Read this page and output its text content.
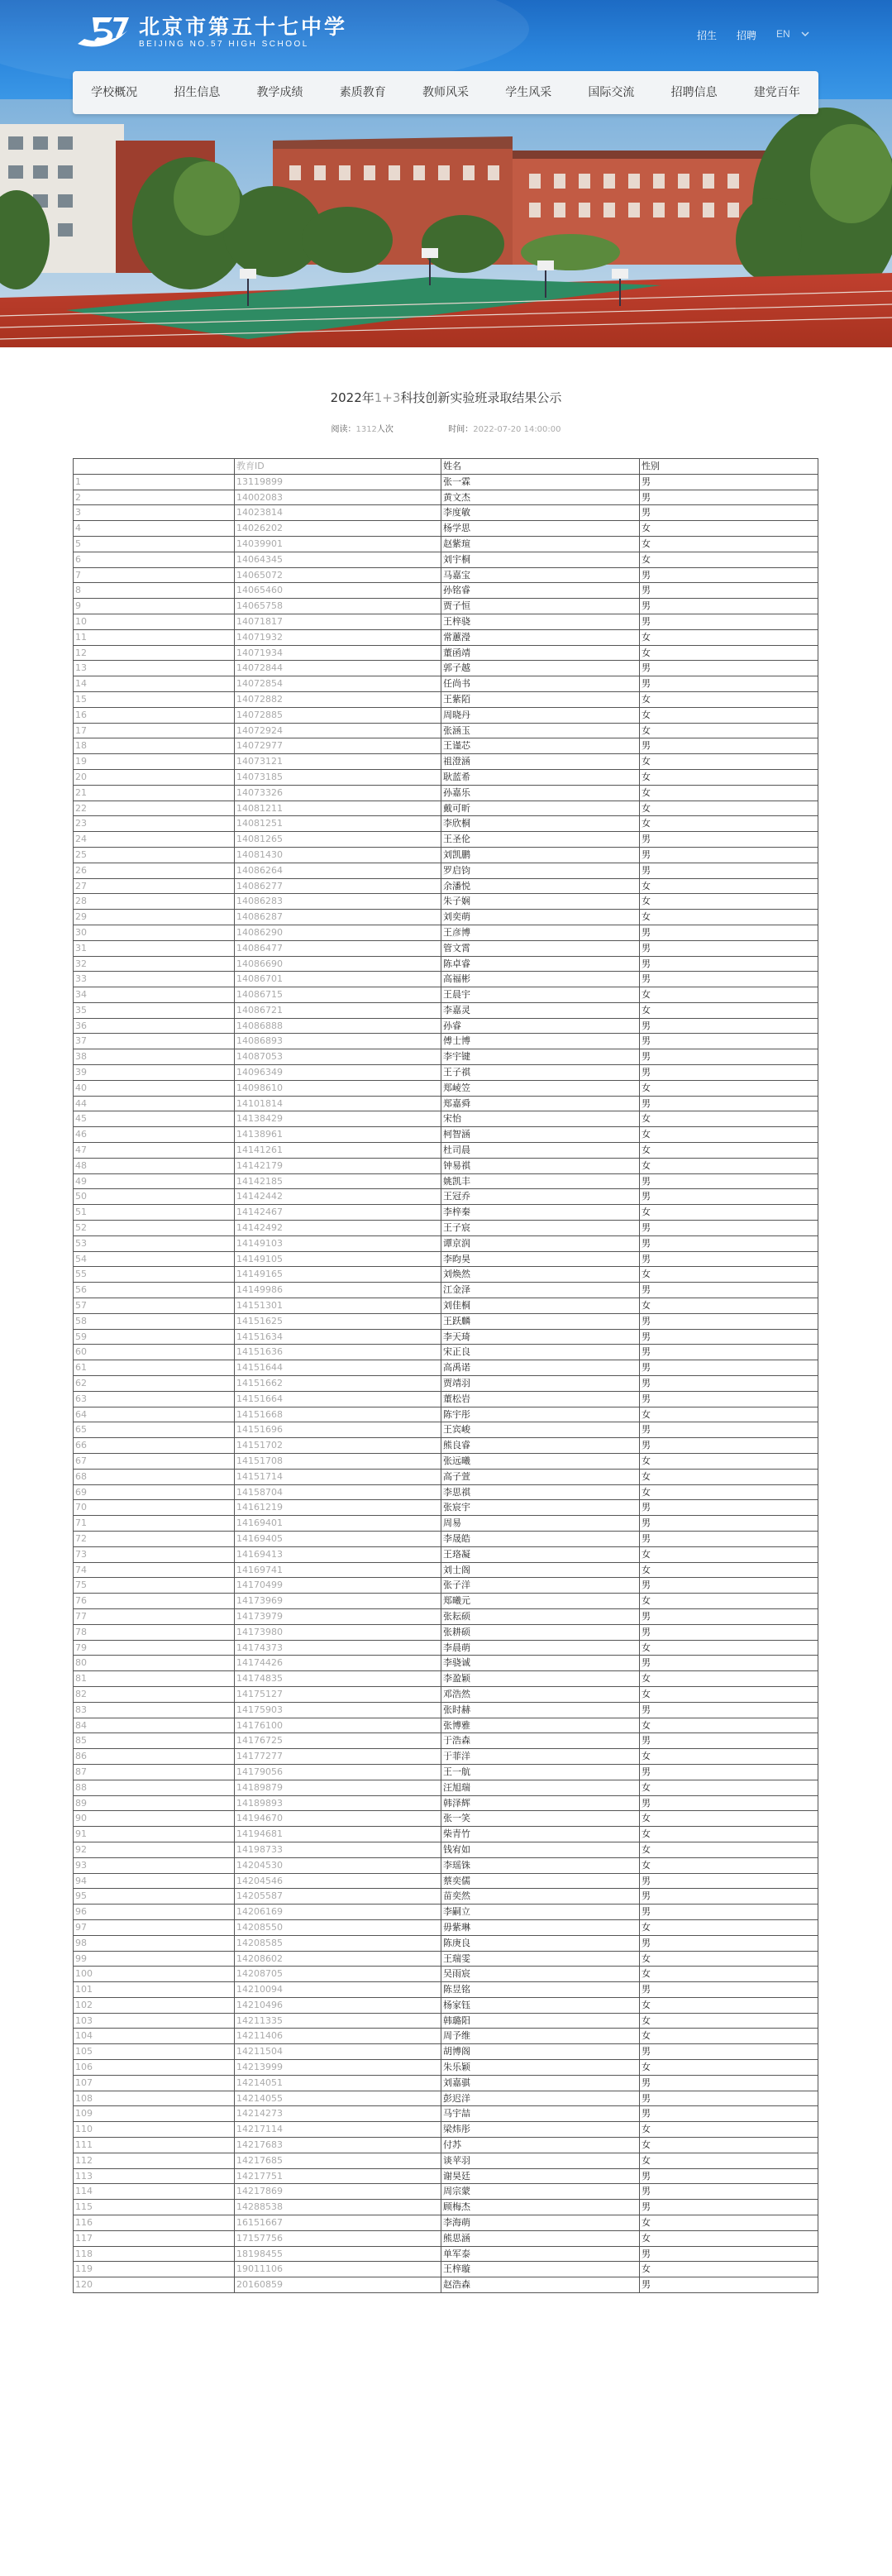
北京市第五十七中学
BEIJING NO.57 HIGH SCHOOL
招生 招聘 EN
学校概况	招生信息	教学成绩	素质教育	教师风采	学生风采	国际交流	招聘信息	建党百年
2022年1+3科技创新实验班录取结果公示
阅读：1312人次	时间：2022-07-20 14:00:00
	教育ID	姓名	性别
1	13119899	张一霖	男
2	14002083	黄文杰	男
3	14023814	李度敏	男
4	14026202	杨学思	女
5	14039901	赵紫瑄	女
6	14064345	刘宇桐	女
7	14065072	马嘉宝	男
8	14065460	孙铭睿	男
9	14065758	贾子恒	男
10	14071817	王梓骁	男
11	14071932	常蕙瀅	女
12	14071934	董函靖	女
13	14072844	郭子越	男
14	14072854	任尚书	男
15	14072882	王紫陌	女
16	14072885	周晓丹	女
17	14072924	张涵玉	女
18	14072977	王谨芯	男
19	14073121	祖澄涵	女
20	14073185	耿蓝希	女
21	14073326	孙嘉乐	女
22	14081211	戴可昕	女
23	14081251	李欣桐	女
24	14081265	王圣伦	男
25	14081430	刘凯鹏	男
26	14086264	罗启钧	男
27	14086277	余潘悦	女
28	14086283	朱子娴	女
29	14086287	刘奕萌	女
30	14086290	王彦博	男
31	14086477	管文霄	男
32	14086690	陈卓睿	男
33	14086701	高福彬	男
34	14086715	王晨宇	女
35	14086721	李嘉灵	女
36	14086888	孙睿	男
37	14086893	傅士博	男
38	14087053	李宇键	男
39	14096349	王子祺	男
40	14098610	郑崚笠	女
44	14101814	郑嘉舜	男
45	14138429	宋怡	女
46	14138961	柯智涵	女
47	14141261	杜司晨	女
48	14142179	钟易祺	女
49	14142185	姚凯丰	男
50	14142442	王冠乔	男
51	14142467	李梓秦	女
52	14142492	王子宸	男
53	14149103	谭京润	男
54	14149105	李昀昊	男
55	14149165	刘焕然	女
56	14149986	江金泽	男
57	14151301	刘佳桐	女
58	14151625	王跃麟	男
59	14151634	李天琦	男
60	14151636	宋正良	男
61	14151644	高禹诺	男
62	14151662	贾靖羽	男
63	14151664	董松岩	男
64	14151668	陈宇彤	女
65	14151696	王宾峻	男
66	14151702	熊良睿	男
67	14151708	张远曦	女
68	14151714	高子萱	女
69	14158704	李思祺	女
70	14161219	张宸宇	男
71	14169401	周易	男
72	14169405	李晟皓	男
73	14169413	王珞凝	女
74	14169741	刘士阁	女
75	14170499	张子洋	男
76	14173969	郑曦元	女
77	14173979	张耘硕	男
78	14173980	张耕硕	男
79	14174373	李晨萌	女
80	14174426	李骁诚	男
81	14174835	李盈颖	女
82	14175127	邓浩然	女
83	14175903	张时赫	男
84	14176100	张博雅	女
85	14176725	于浩森	男
86	14177277	于菲洋	女
87	14179056	王一航	男
88	14189879	汪旭瑞	女
89	14189893	韩泽辉	男
90	14194670	张一笑	女
91	14194681	柴青竹	女
92	14198733	钱宥如	女
93	14204530	李瑶铢	女
94	14204546	蔡奕儒	男
95	14205587	苗奕然	男
96	14206169	李嗣立	男
97	14208550	毋紫琳	女
98	14208585	陈庚良	男
99	14208602	王瑞雯	女
100	14208705	吴雨宸	女
101	14210094	陈昱铭	男
102	14210496	杨家钰	女
103	14211335	韩璐阳	女
104	14211406	周予维	女
105	14211504	胡博阁	男
106	14213999	朱乐颖	女
107	14214051	刘嘉骐	男
108	14214055	彭迟洋	男
109	14214273	马宇喆	男
110	14217114	梁炜彤	女
111	14217683	付苏	女
112	14217685	谈苹羽	女
113	14217751	谢昊廷	男
114	14217869	周宗蒙	男
115	14288538	顾梅杰	男
116	16151667	李海萌	女
117	17157756	熊思涵	女
118	18198455	单军泰	男
119	19011106	王梓璇	女
120	20160859	赵浩森	男
